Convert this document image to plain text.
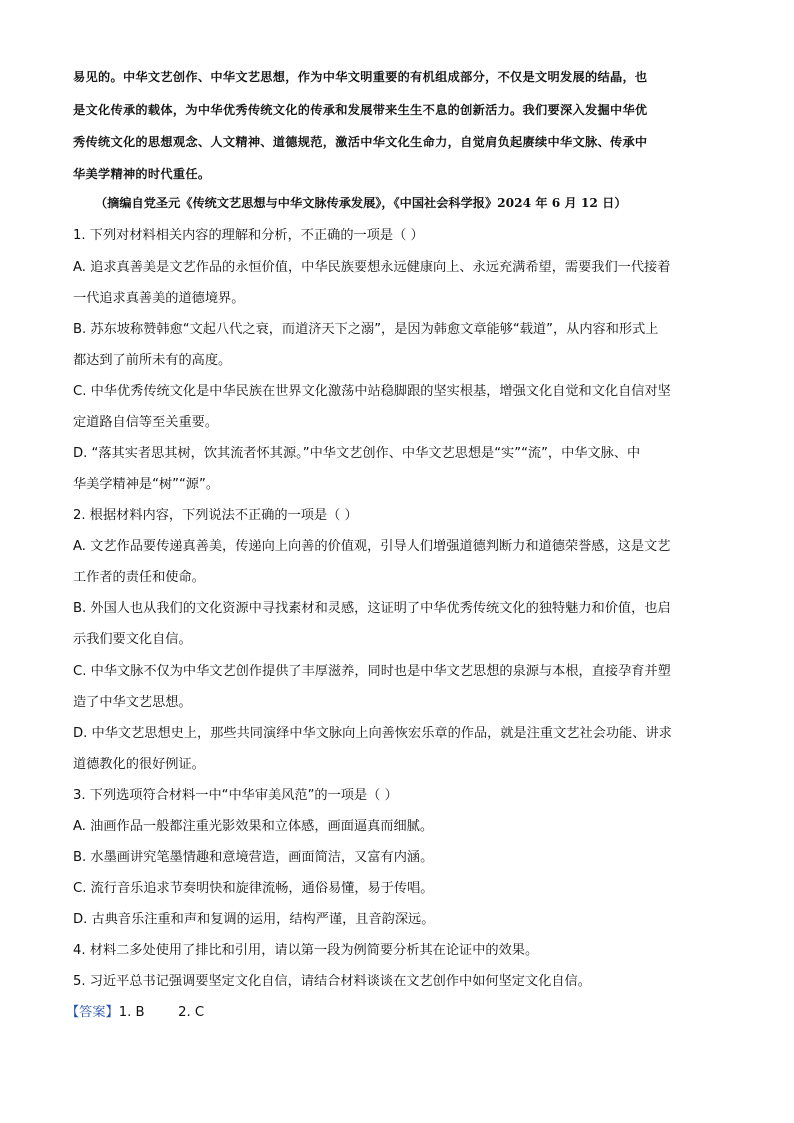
易见的。中华文艺创作、中华文艺思想，作为中华文明重要的有机组成部分，不仅是文明发展的结晶，也
是文化传承的载体，为中华优秀传统文化的传承和发展带来生生不息的创新活力。我们要深入发掘中华优
秀传统文化的思想观念、人文精神、道德规范，激活中华文化生命力，自觉肩负起赓续中华文脉、传承中
华美学精神的时代重任。
（摘编自党圣元《传统文艺思想与中华文脉传承发展》，《中国社会科学报》2024 年 6 月 12 日）
1. 下列对材料相关内容的理解和分析，不正确的一项是（ ）
A. 追求真善美是文艺作品的永恒价值，中华民族要想永远健康向上、永远充满希望，需要我们一代接着
一代追求真善美的道德境界。
B. 苏东坡称赞韩愈“文起八代之衰，而道济天下之溺”，是因为韩愈文章能够“载道”，从内容和形式上
都达到了前所未有的高度。
C. 中华优秀传统文化是中华民族在世界文化激荡中站稳脚跟的坚实根基，增强文化自觉和文化自信对坚
定道路自信等至关重要。
D. “落其实者思其树，饮其流者怀其源。”中华文艺创作、中华文艺思想是“实”“流”，中华文脉、中
华美学精神是“树”“源”。
2. 根据材料内容，下列说法不正确的一项是（ ）
A. 文艺作品要传递真善美，传递向上向善的价值观，引导人们增强道德判断力和道德荣誉感，这是文艺
工作者的责任和使命。
B. 外国人也从我们的文化资源中寻找素材和灵感，这证明了中华优秀传统文化的独特魅力和价值，也启
示我们要文化自信。
C. 中华文脉不仅为中华文艺创作提供了丰厚滋养，同时也是中华文艺思想的泉源与本根，直接孕育并塑
造了中华文艺思想。
D. 中华文艺思想史上，那些共同演绎中华文脉向上向善恢宏乐章的作品，就是注重文艺社会功能、讲求
道德教化的很好例证。
3. 下列选项符合材料一中“中华审美风范”的一项是（ ）
A. 油画作品一般都注重光影效果和立体感，画面逼真而细腻。
B. 水墨画讲究笔墨情趣和意境营造，画面简洁，又富有内涵。
C. 流行音乐追求节奏明快和旋律流畅，通俗易懂，易于传唱。
D. 古典音乐注重和声和复调的运用，结构严谨，且音韵深远。
4. 材料二多处使用了排比和引用，请以第一段为例简要分析其在论证中的效果。
5. 习近平总书记强调要坚定文化自信，请结合材料谈谈在文艺创作中如何坚定文化自信。
【答案】1. B        2. C
